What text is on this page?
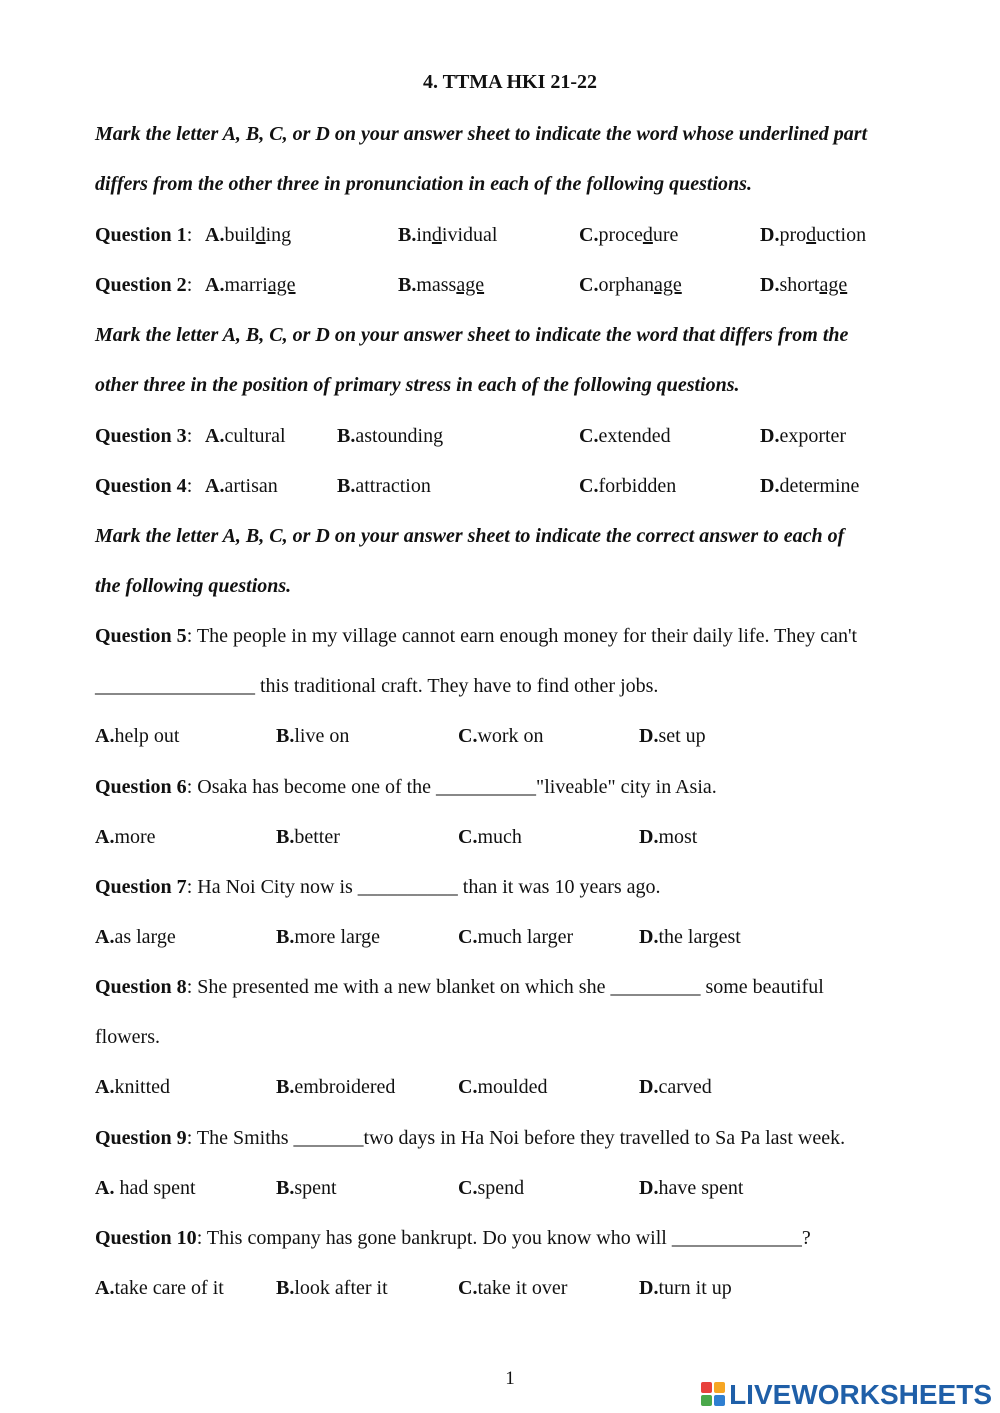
4. TTMA HKI 21-22
Mark the letter A, B, C, or D on your answer sheet to indicate the word whose underlined part
differs from the other three in pronunciation in each of the following questions.
Question 1: A.building	B.individual	C.procedure	D.production
Question 2: A.marriage	B.massage	C.orphanage	D.shortage
Mark the letter A, B, C, or D on your answer sheet to indicate the word that differs from the
other three in the position of primary stress in each of the following questions.
Question 3: A.cultural	B.astounding	C.extended	D.exporter
Question 4: A.artisan	B.attraction	C.forbidden	D.determine
Mark the letter A, B, C, or D on your answer sheet to indicate the correct answer to each of
the following questions.
Question 5: The people in my village cannot earn enough money for their daily life. They can't
________________ this traditional craft. They have to find other jobs.
A.help out	B.live on	C.work on	D.set up
Question 6: Osaka has become one of the __________"liveable" city in Asia.
A.more	B.better	C.much	D.most
Question 7: Ha Noi City now is __________ than it was 10 years ago.
A.as large	B.more large	C.much larger	D.the largest
Question 8: She presented me with a new blanket on which she _________ some beautiful
flowers.
A.knitted	B.embroidered	C.moulded	D.carved
Question 9: The Smiths _______two days in Ha Noi before they travelled to Sa Pa last week.
A. had spent	B.spent	C.spend	D.have spent
Question 10: This company has gone bankrupt. Do you know who will _____________?
A.take care of it	B.look after it	C.take it over	D.turn it up
1
LIVEWORKSHEETS
